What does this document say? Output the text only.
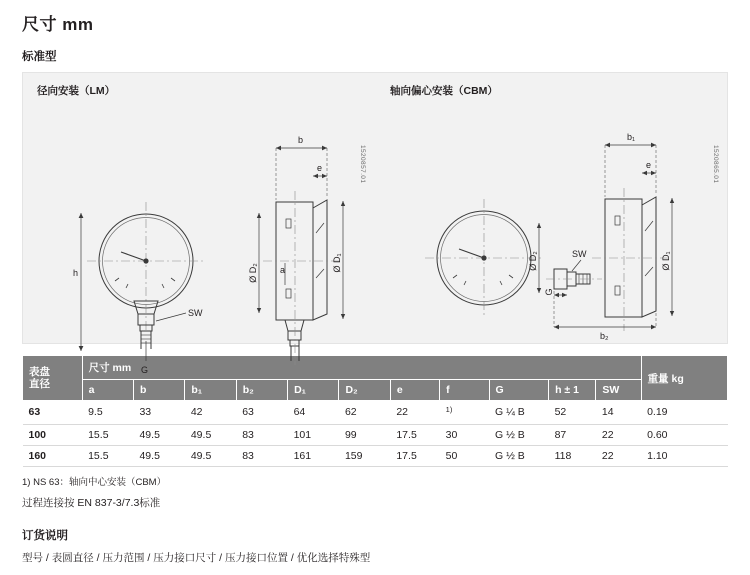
尺寸 mm
标准型
径向安装（LM）
1520857.01
h
SW
G
b
e
a
Ø D₂
Ø D₁
轴向偏心安装（CBM）
1520865.01
Ø D₂
G
SW
b₁
e
Ø D₁
b₂
表盘
直径	尺寸 mm											重量 kg
	a	b	b₁	b₂	D₁	D₂	e	f	G	h ± 1	SW	
63	9.5	33	42	63	64	62	22	$^{1)}$	G ¼ B	52	14	0.19
100	15.5	49.5	49.5	83	101	99	17.5	30	G ½ B	87	22	0.60
160	15.5	49.5	49.5	83	161	159	17.5	50	G ½ B	118	22	1.10
1) NS 63：轴向中心安装（CBM）
过程连接按 EN 837-3/7.3标准
订货说明
型号 / 表圆直径 / 压力范围 / 压力接口尺寸 / 压力接口位置 / 优化选择特殊型
